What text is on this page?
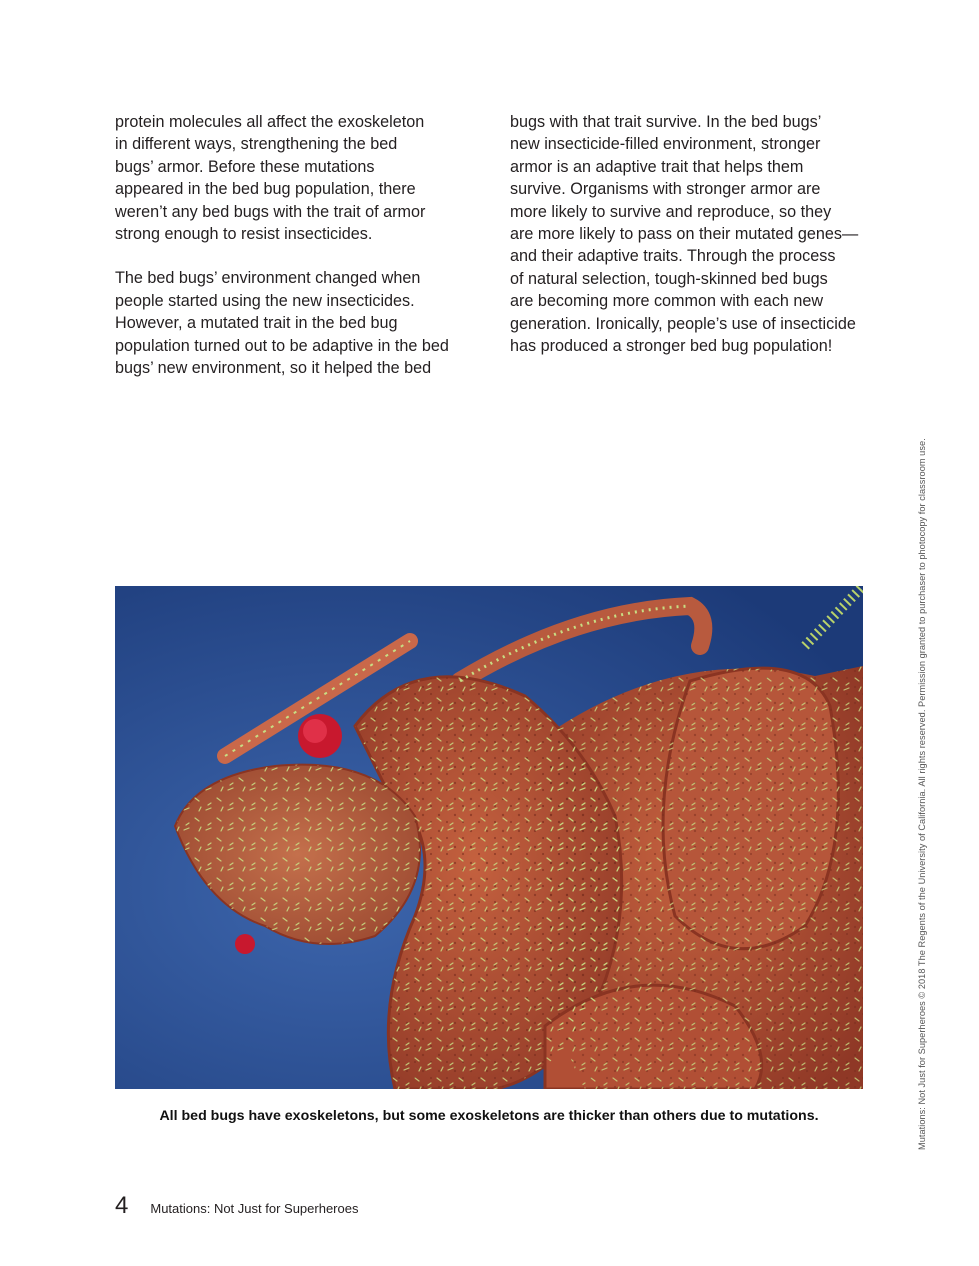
protein molecules all affect the exoskeleton
in different ways, strengthening the bed
bugs’ armor. Before these mutations
appeared in the bed bug population, there
weren’t any bed bugs with the trait of armor
strong enough to resist insecticides.

The bed bugs’ environment changed when
people started using the new insecticides.
However, a mutated trait in the bed bug
population turned out to be adaptive in the bed
bugs’ new environment, so it helped the bed

bugs with that trait survive. In the bed bugs’
new insecticide-filled environment, stronger
armor is an adaptive trait that helps them
survive. Organisms with stronger armor are
more likely to survive and reproduce, so they
are more likely to pass on their mutated genes—
and their adaptive traits. Through the process
of natural selection, tough-skinned bed bugs
are becoming more common with each new
generation. Ironically, people’s use of insecticide
has produced a stronger bed bug population!

Mutations: Not Just for Superheroes © 2018 The Regents of the University of California. All rights reserved. Permission granted to purchaser to photocopy for classroom use.
All bed bugs have exoskeletons, but some exoskeletons are thicker than others due to mutations.
4 Mutations: Not Just for Superheroes
